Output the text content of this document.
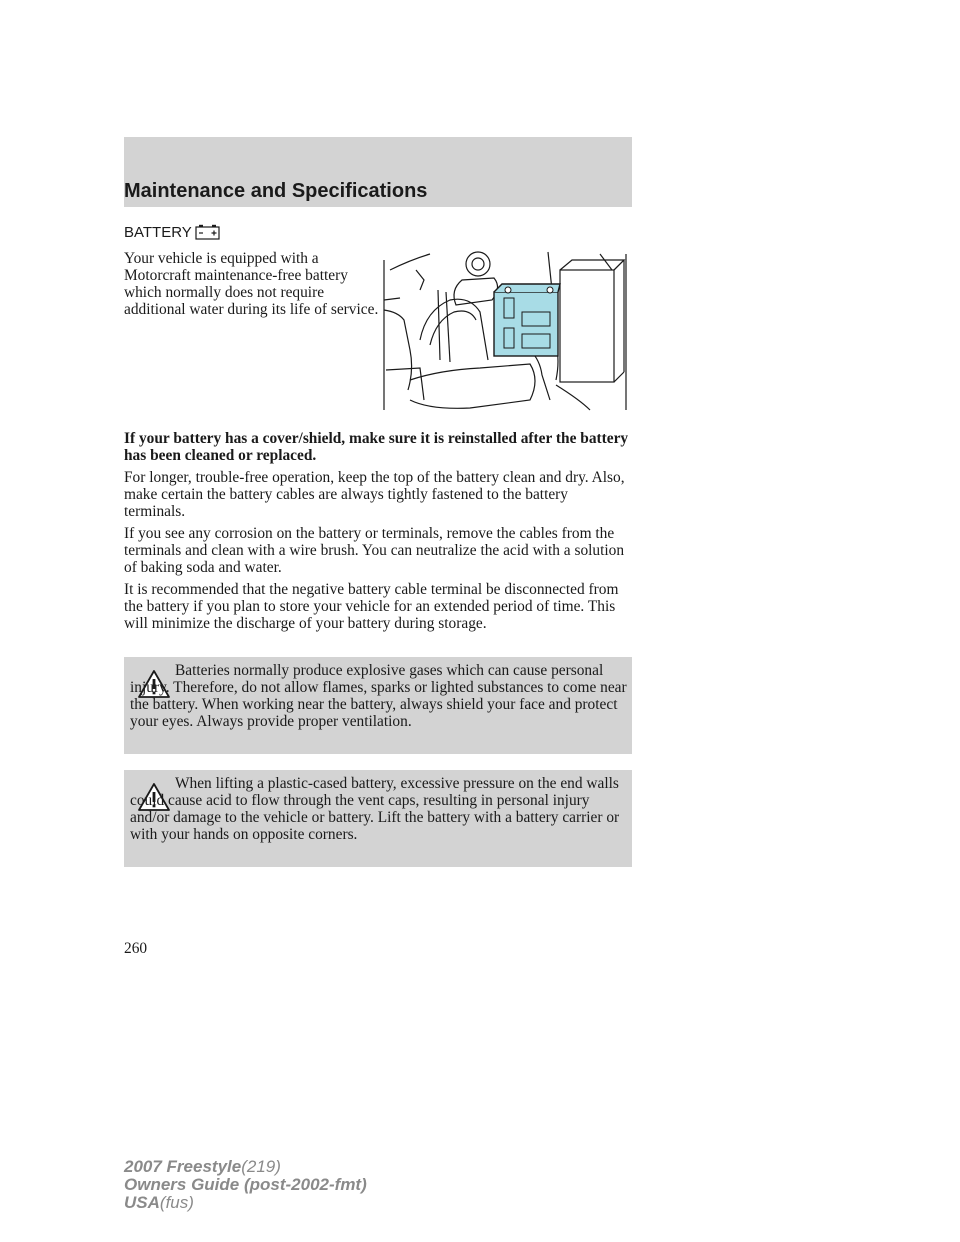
Maintenance and Specifications
BATTERY
Your vehicle is equipped with a Motorcraft maintenance-free battery which normally does not require additional water during its life of service.
If your battery has a cover/shield, make sure it is reinstalled after the battery has been cleaned or replaced.
For longer, trouble-free operation, keep the top of the battery clean and dry. Also, make certain the battery cables are always tightly fastened to the battery terminals.
If you see any corrosion on the battery or terminals, remove the cables from the terminals and clean with a wire brush. You can neutralize the acid with a solution of baking soda and water.
It is recommended that the negative battery cable terminal be disconnected from the battery if you plan to store your vehicle for an extended period of time. This will minimize the discharge of your battery during storage.
Batteries normally produce explosive gases which can cause personal injury. Therefore, do not allow flames, sparks or lighted substances to come near the battery. When working near the battery, always shield your face and protect your eyes. Always provide proper ventilation.
When lifting a plastic-cased battery, excessive pressure on the end walls could cause acid to flow through the vent caps, resulting in personal injury and/or damage to the vehicle or battery. Lift the battery with a battery carrier or with your hands on opposite corners.
260
2007 Freestyle(219)
Owners Guide (post-2002-fmt)
USA(fus)
